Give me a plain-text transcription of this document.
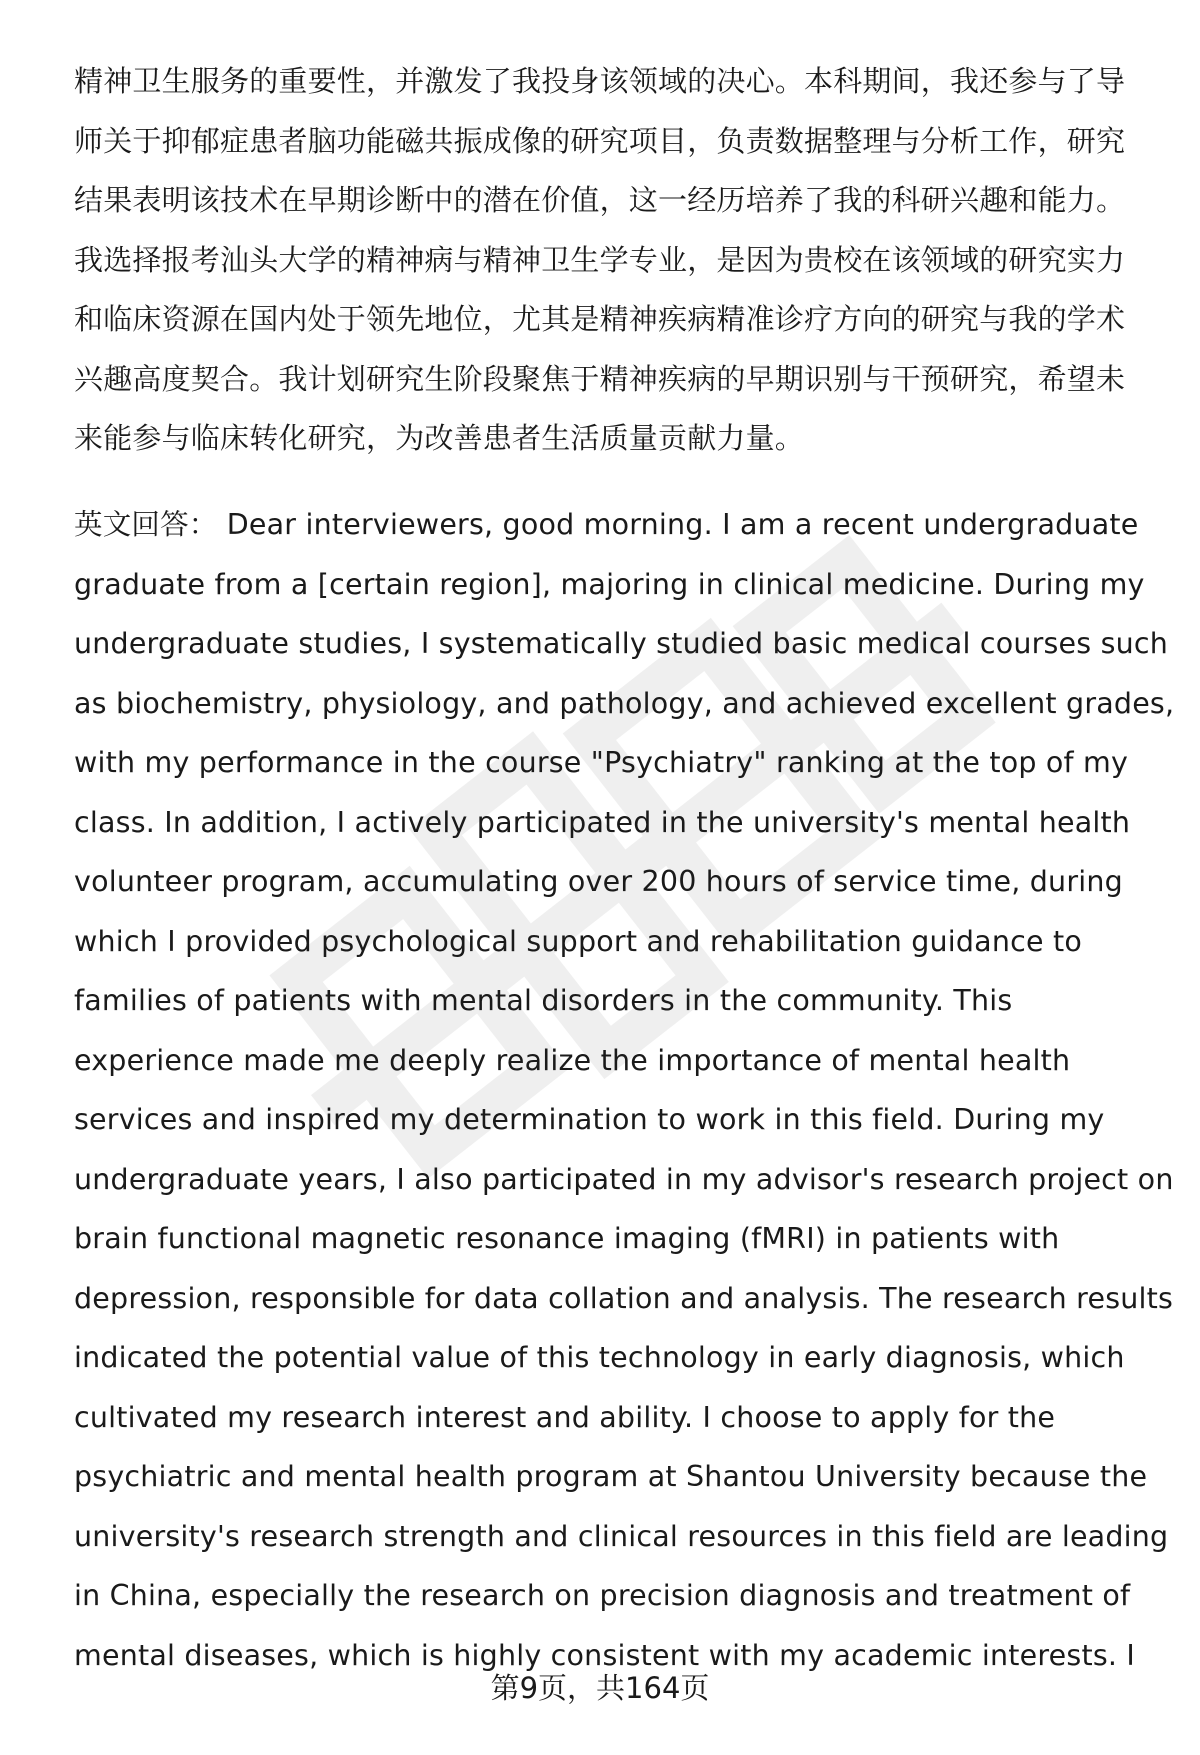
精神卫生服务的重要性，并激发了我投身该领域的决心。本科期间，我还参与了导
师关于抑郁症患者脑功能磁共振成像的研究项目，负责数据整理与分析工作，研究
结果表明该技术在早期诊断中的潜在价值，这一经历培养了我的科研兴趣和能力。
我选择报考汕头大学的精神病与精神卫生学专业，是因为贵校在该领域的研究实力
和临床资源在国内处于领先地位，尤其是精神疾病精准诊疗方向的研究与我的学术
兴趣高度契合。我计划研究生阶段聚焦于精神疾病的早期识别与干预研究，希望未
来能参与临床转化研究，为改善患者生活质量贡献力量。
英文回答： Dear interviewers, good morning. I am a recent undergraduate
graduate from a [certain region], majoring in clinical medicine. During my
undergraduate studies, I systematically studied basic medical courses such
as biochemistry, physiology, and pathology, and achieved excellent grades,
with my performance in the course "Psychiatry" ranking at the top of my
class. In addition, I actively participated in the university's mental health
volunteer program, accumulating over 200 hours of service time, during
which I provided psychological support and rehabilitation guidance to
families of patients with mental disorders in the community. This
experience made me deeply realize the importance of mental health
services and inspired my determination to work in this field. During my
undergraduate years, I also participated in my advisor's research project on
brain functional magnetic resonance imaging (fMRI) in patients with
depression, responsible for data collation and analysis. The research results
indicated the potential value of this technology in early diagnosis, which
cultivated my research interest and ability. I choose to apply for the
psychiatric and mental health program at Shantou University because the
university's research strength and clinical resources in this field are leading
in China, especially the research on precision diagnosis and treatment of
mental diseases, which is highly consistent with my academic interests. I
第9页，共164页
